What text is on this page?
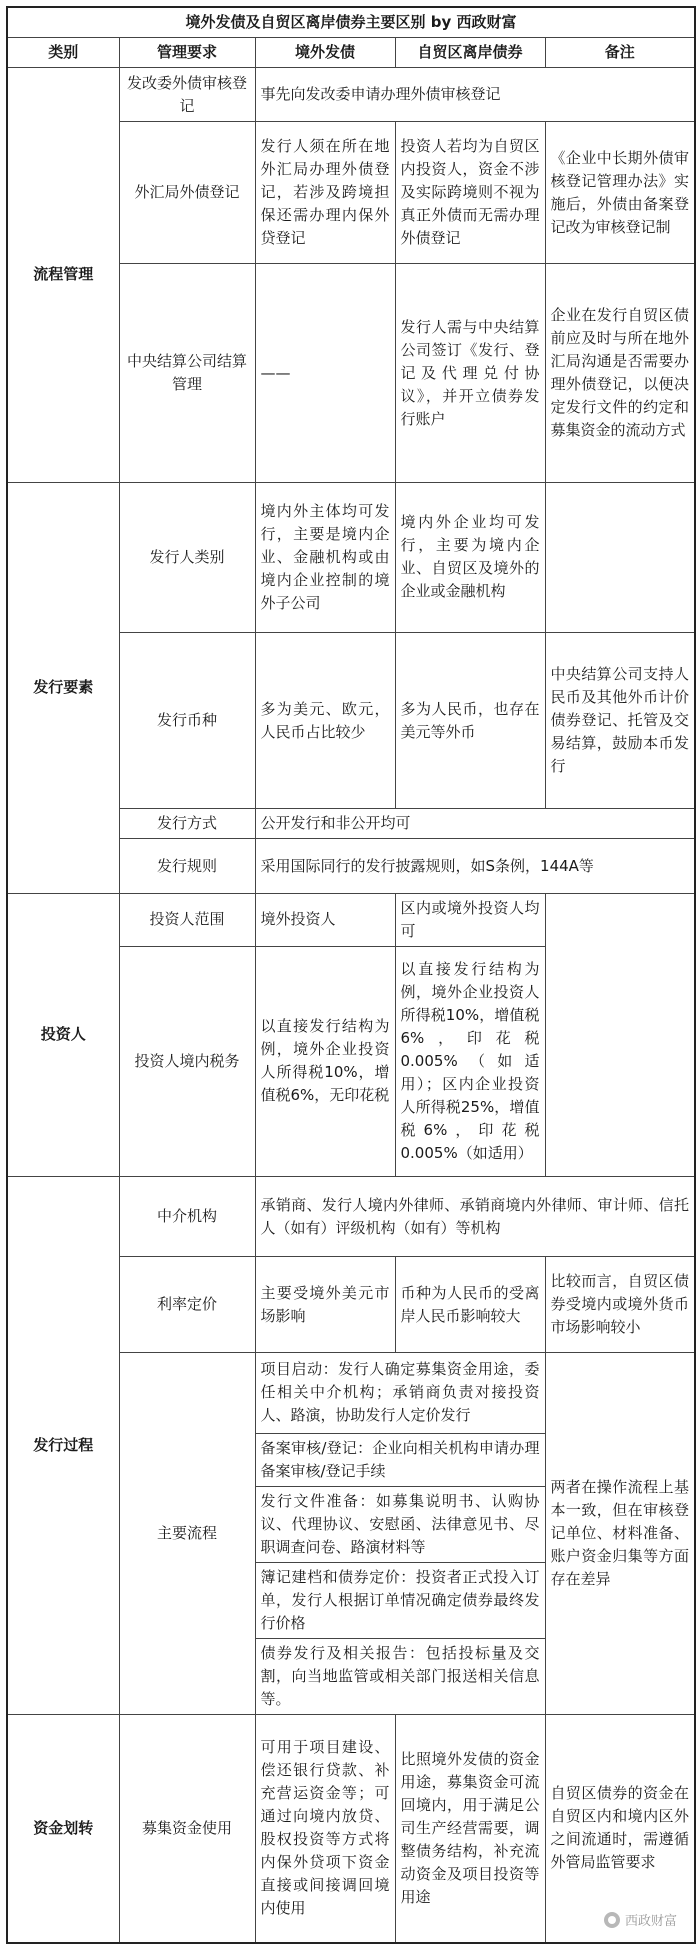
境外发债及自贸区离岸债券主要区别 by 西政财富				
类别	管理要求	境外发债	自贸区离岸债券	备注
流程管理	发改委外债审核登记	事先向发改委申请办理外债审核登记		
	外汇局外债登记	发行人须在所在地外汇局办理外债登记，若涉及跨境担保还需办理内保外贷登记	投资人若均为自贸区内投资人，资金不涉及实际跨境则不视为真正外债而无需办理外债登记	《企业中长期外债审核登记管理办法》实施后，外债由备案登记改为审核登记制
	中央结算公司结算管理	——	发行人需与中央结算公司签订《发行、登记及代理兑付协议》，并开立债券发行账户	企业在发行自贸区债前应及时与所在地外汇局沟通是否需要办理外债登记，以便决定发行文件的约定和募集资金的流动方式
发行要素	发行人类别	境内外主体均可发行，主要是境内企业、金融机构或由境内企业控制的境外子公司	境内外企业均可发行，主要为境内企业、自贸区及境外的企业或金融机构	
	发行币种	多为美元、欧元，人民币占比较少	多为人民币，也存在美元等外币	中央结算公司支持人民币及其他外币计价债券登记、托管及交易结算，鼓励本币发行
	发行方式	公开发行和非公开均可		
	发行规则	采用国际同行的发行披露规则，如S条例，144A等		
投资人	投资人范围	境外投资人	区内或境外投资人均可	
	投资人境内税务	以直接发行结构为例，境外企业投资人所得税10%，增值税6%，无印花税	以直接发行结构为例，境外企业投资人所得税10%，增值税6%，印花税0.005%（如适用）；区内企业投资人所得税25%，增值税6%，印花税0.005%（如适用）	
发行过程	中介机构	承销商、发行人境内外律师、承销商境内外律师、审计师、信托人（如有）评级机构（如有）等机构		
	利率定价	主要受境外美元市场影响	币种为人民币的受离岸人民币影响较大	比较而言，自贸区债券受境内或境外货币市场影响较小
	主要流程	项目启动：发行人确定募集资金用途，委任相关中介机构；承销商负责对接投资人、路演，协助发行人定价发行		两者在操作流程上基本一致，但在审核登记单位、材料准备、账户资金归集等方面存在差异
		备案审核/登记：企业向相关机构申请办理备案审核/登记手续		
		发行文件准备：如募集说明书、认购协议、代理协议、安慰函、法律意见书、尽职调查问卷、路演材料等		
		簿记建档和债券定价：投资者正式投入订单，发行人根据订单情况确定债券最终发行价格		
		债券发行及相关报告：包括投标量及交割，向当地监管或相关部门报送相关信息等。		
资金划转	募集资金使用	可用于项目建设、偿还银行贷款、补充营运资金等；可通过向境内放贷、股权投资等方式将内保外贷项下资金直接或间接调回境内使用	比照境外发债的资金用途，募集资金可流回境内，用于满足公司生产经营需要，调整债务结构，补充流动资金及项目投资等用途	自贸区债券的资金在自贸区内和境内区外之间流通时，需遵循外管局监管要求
西政财富
